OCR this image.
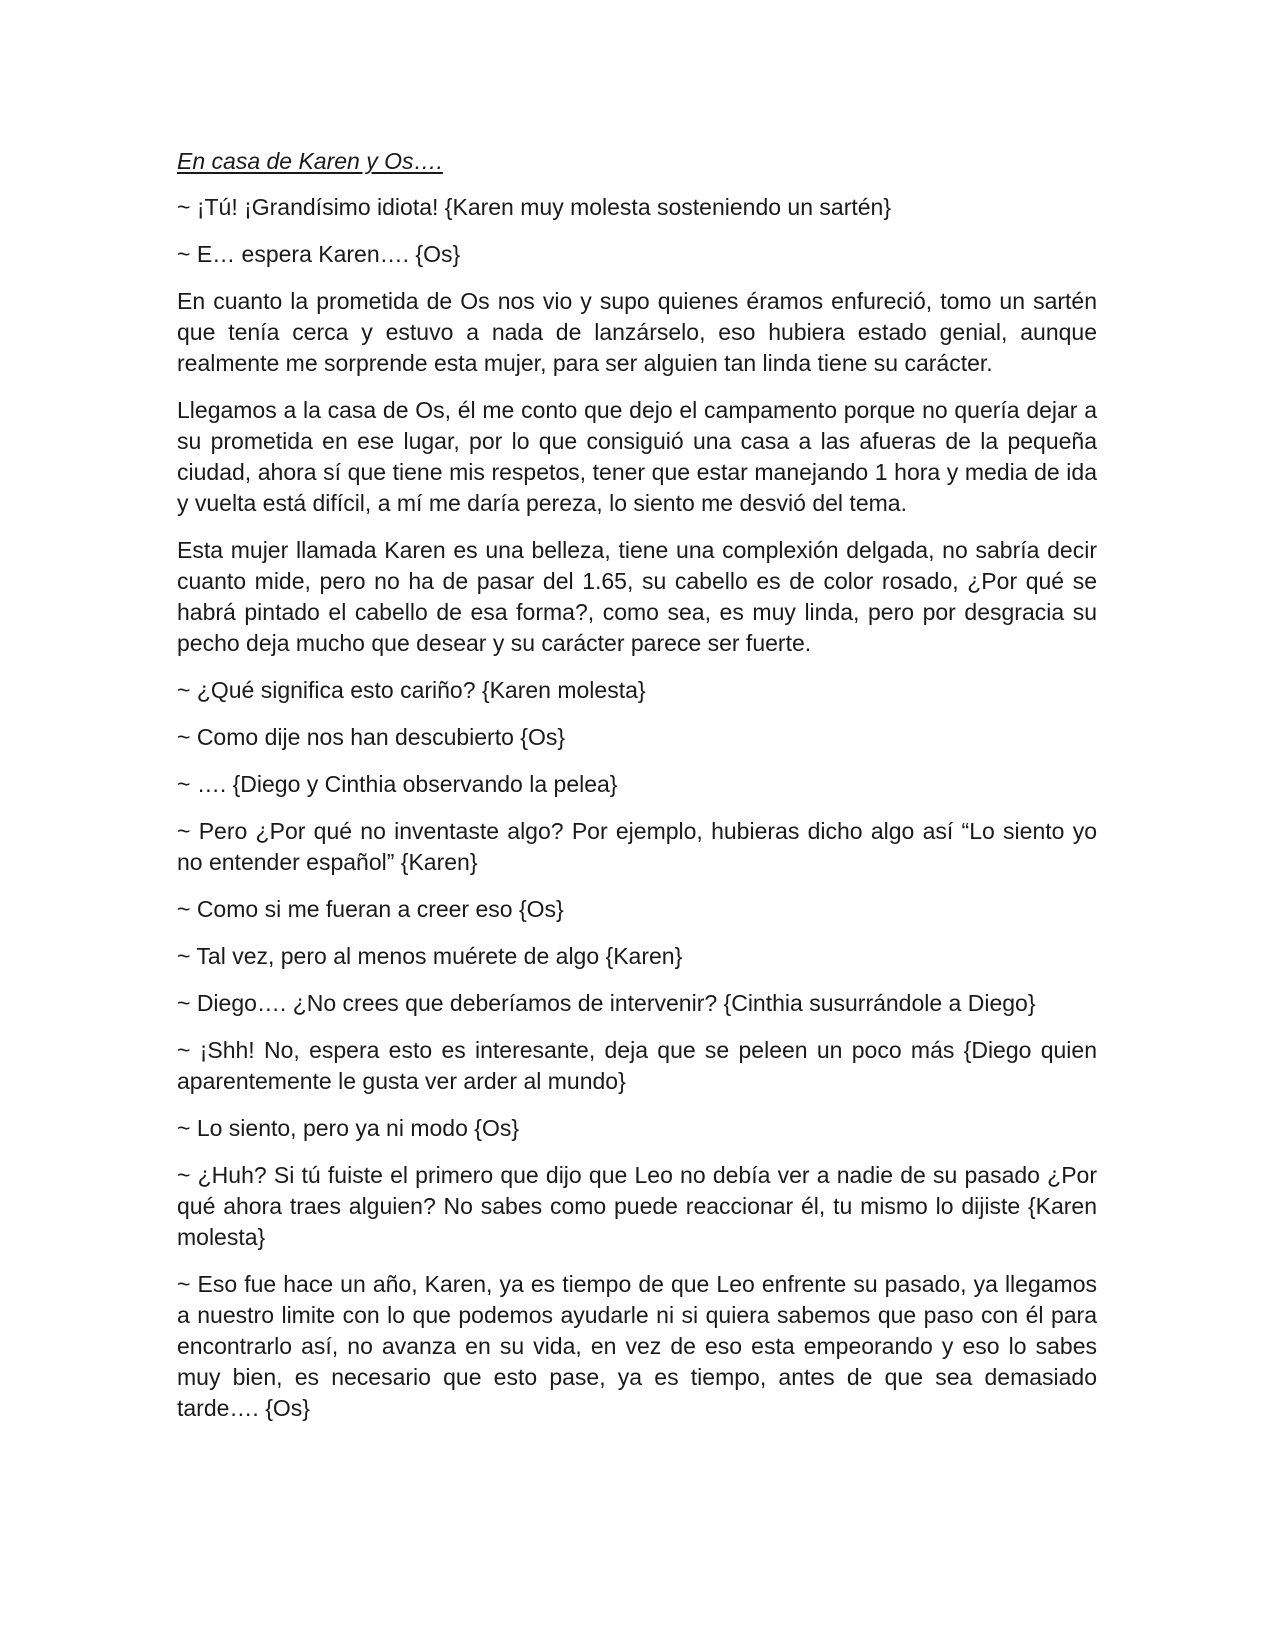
En casa de Karen y Os….

~ ¡Tú! ¡Grandísimo idiota! {Karen muy molesta sosteniendo un sartén}

~ E… espera Karen…. {Os}

En cuanto la prometida de Os nos vio y supo quienes éramos enfureció, tomo un sartén que tenía cerca y estuvo a nada de lanzárselo, eso hubiera estado genial, aunque realmente me sorprende esta mujer, para ser alguien tan linda tiene su carácter.

Llegamos a la casa de Os, él me conto que dejo el campamento porque no quería dejar a su prometida en ese lugar, por lo que consiguió una casa a las afueras de la pequeña ciudad, ahora sí que tiene mis respetos, tener que estar manejando 1 hora y media de ida y vuelta está difícil, a mí me daría pereza, lo siento me desvió del tema.

Esta mujer llamada Karen es una belleza, tiene una complexión delgada, no sabría decir cuanto mide, pero no ha de pasar del 1.65, su cabello es de color rosado, ¿Por qué se habrá pintado el cabello de esa forma?, como sea, es muy linda, pero por desgracia su pecho deja mucho que desear y su carácter parece ser fuerte.

~ ¿Qué significa esto cariño? {Karen molesta}

~ Como dije nos han descubierto {Os}

~ …. {Diego y Cinthia observando la pelea}

~ Pero ¿Por qué no inventaste algo? Por ejemplo, hubieras dicho algo así “Lo siento yo no entender español” {Karen}

~ Como si me fueran a creer eso {Os}

~ Tal vez, pero al menos muérete de algo {Karen}

~ Diego…. ¿No crees que deberíamos de intervenir? {Cinthia susurrándole a Diego}

~ ¡Shh! No, espera esto es interesante, deja que se peleen un poco más {Diego quien aparentemente le gusta ver arder al mundo}

~ Lo siento, pero ya ni modo {Os}

~ ¿Huh? Si tú fuiste el primero que dijo que Leo no debía ver a nadie de su pasado ¿Por qué ahora traes alguien? No sabes como puede reaccionar él, tu mismo lo dijiste {Karen molesta}

~ Eso fue hace un año, Karen, ya es tiempo de que Leo enfrente su pasado, ya llegamos a nuestro limite con lo que podemos ayudarle ni si quiera sabemos que paso con él para encontrarlo así, no avanza en su vida, en vez de eso esta empeorando y eso lo sabes muy bien, es necesario que esto pase, ya es tiempo, antes de que sea demasiado tarde…. {Os}
